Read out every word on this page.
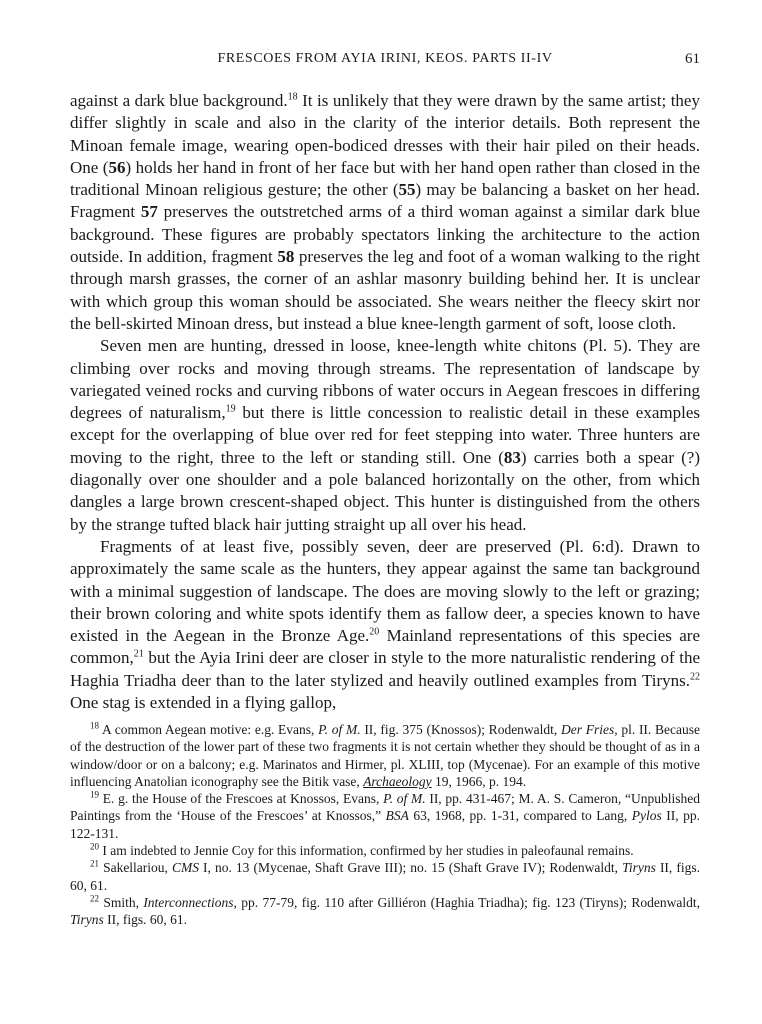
FRESCOES FROM AYIA IRINI, KEOS. PARTS II-IV	61

against a dark blue background.$^{18}$ It is unlikely that they were drawn by the same artist; they differ slightly in scale and also in the clarity of the interior details. Both represent the Minoan female image, wearing open-bodiced dresses with their hair piled on their heads. One (56) holds her hand in front of her face but with her hand open rather than closed in the traditional Minoan religious gesture; the other (55) may be balancing a basket on her head. Fragment 57 preserves the outstretched arms of a third woman against a similar dark blue background. These figures are probably spectators linking the architecture to the action outside. In addition, fragment 58 preserves the leg and foot of a woman walking to the right through marsh grasses, the corner of an ashlar masonry building behind her. It is unclear with which group this woman should be associated. She wears neither the fleecy skirt nor the bell-skirted Minoan dress, but instead a blue knee-length garment of soft, loose cloth.

Seven men are hunting, dressed in loose, knee-length white chitons (Pl. 5). They are climbing over rocks and moving through streams. The representation of landscape by variegated veined rocks and curving ribbons of water occurs in Aegean frescoes in differing degrees of naturalism,$^{19}$ but there is little concession to realistic detail in these examples except for the overlapping of blue over red for feet stepping into water. Three hunters are moving to the right, three to the left or standing still. One (83) carries both a spear (?) diagonally over one shoulder and a pole balanced horizontally on the other, from which dangles a large brown crescent-shaped object. This hunter is distinguished from the others by the strange tufted black hair jutting straight up all over his head.

Fragments of at least five, possibly seven, deer are preserved (Pl. 6:d). Drawn to approximately the same scale as the hunters, they appear against the same tan background with a minimal suggestion of landscape. The does are moving slowly to the left or grazing; their brown coloring and white spots identify them as fallow deer, a species known to have existed in the Aegean in the Bronze Age.$^{20}$ Mainland representations of this species are common,$^{21}$ but the Ayia Irini deer are closer in style to the more naturalistic rendering of the Haghia Triadha deer than to the later stylized and heavily outlined examples from Tiryns.$^{22}$ One stag is extended in a flying gallop,

$^{18}$ A common Aegean motive: e.g. Evans, P. of M. II, fig. 375 (Knossos); Rodenwaldt, Der Fries, pl. II. Because of the destruction of the lower part of these two fragments it is not certain whether they should be thought of as in a window/door or on a balcony; e.g. Marinatos and Hirmer, pl. XLIII, top (Mycenae). For an example of this motive influencing Anatolian iconography see the Bitik vase, Archaeology 19, 1966, p. 194.

$^{19}$ E. g. the House of the Frescoes at Knossos, Evans, P. of M. II, pp. 431-467; M. A. S. Cameron, “Unpublished Paintings from the ‘House of the Frescoes’ at Knossos,” BSA 63, 1968, pp. 1-31, compared to Lang, Pylos II, pp. 122-131.

$^{20}$ I am indebted to Jennie Coy for this information, confirmed by her studies in paleofaunal remains.

$^{21}$ Sakellariou, CMS I, no. 13 (Mycenae, Shaft Grave III); no. 15 (Shaft Grave IV); Rodenwaldt, Tiryns II, figs. 60, 61.

$^{22}$ Smith, Interconnections, pp. 77-79, fig. 110 after Gilliéron (Haghia Triadha); fig. 123 (Tiryns); Rodenwaldt, Tiryns II, figs. 60, 61.
